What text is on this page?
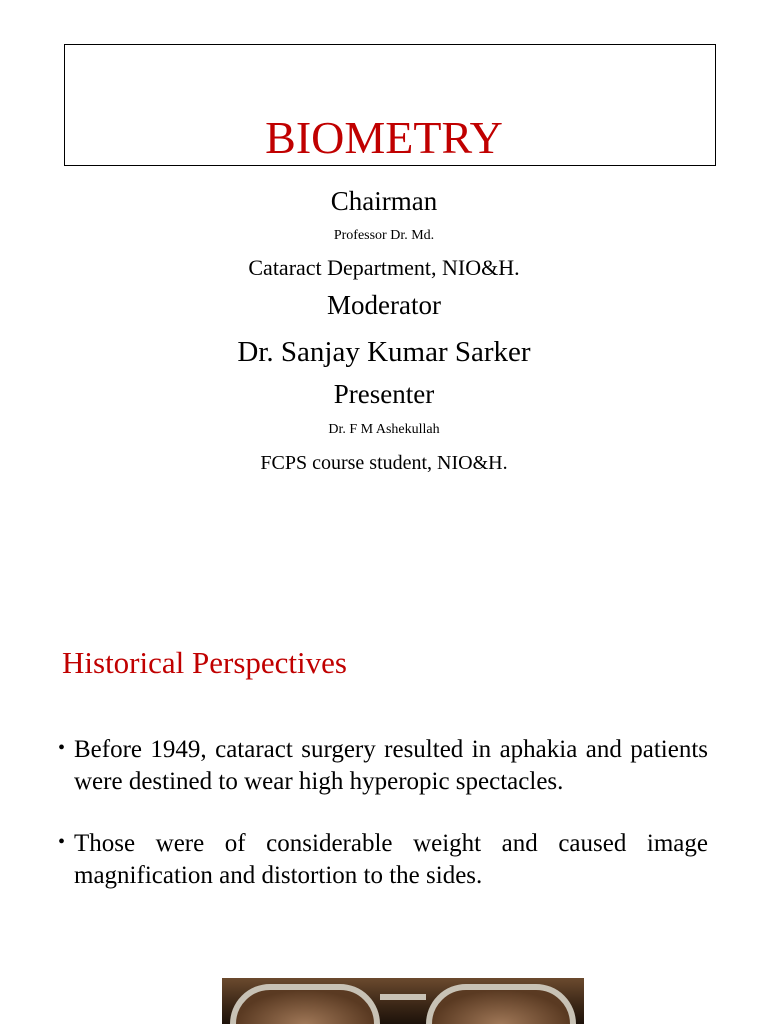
BIOMETRY
Chairman
Professor Dr. Md.
Cataract Department, NIO&H.
Moderator
Dr. Sanjay Kumar Sarker
Presenter
Dr. F M Ashekullah
FCPS course student, NIO&H.
Historical Perspectives
• Before 1949, cataract surgery resulted in aphakia and patients were destined to wear high hyperopic spectacles.
• Those were of considerable weight and caused image magnification and distortion to the sides.
